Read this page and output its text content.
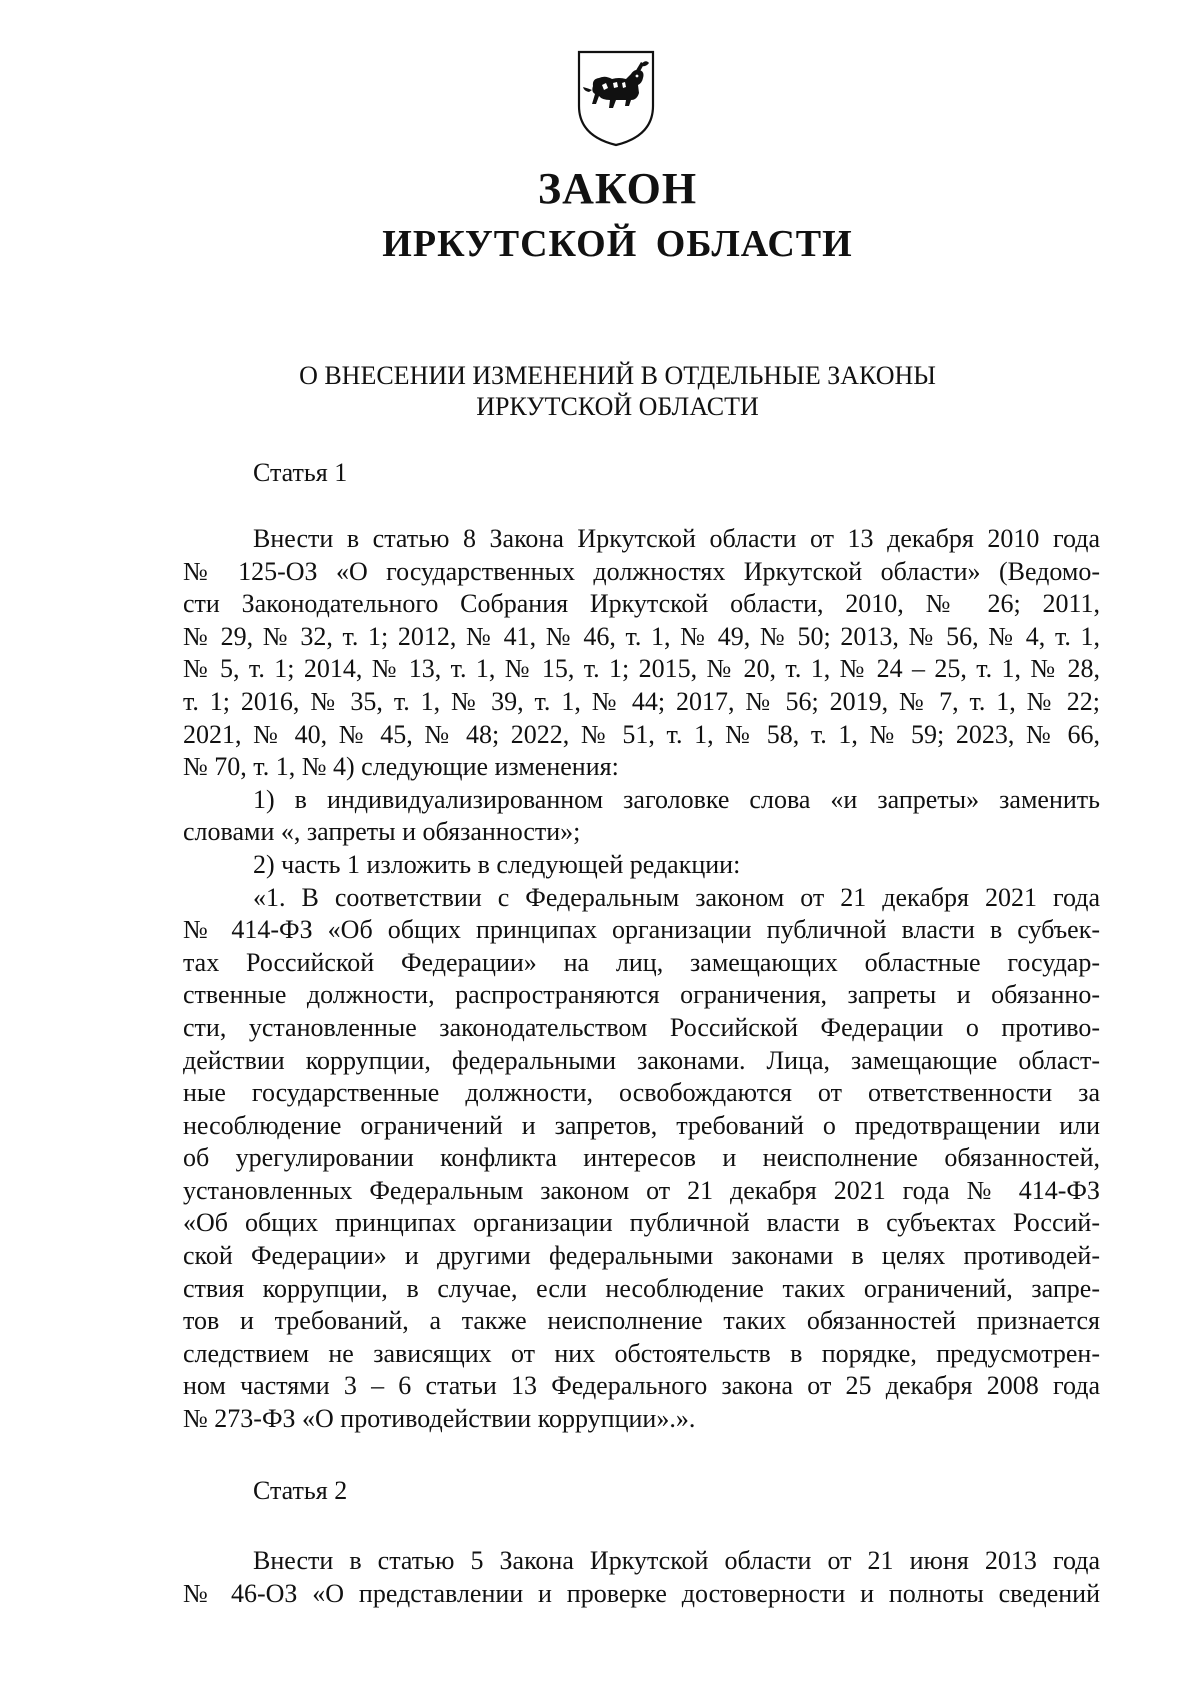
ЗАКОН
ИРКУТСКОЙ ОБЛАСТИ
О ВНЕСЕНИИ ИЗМЕНЕНИЙ В ОТДЕЛЬНЫЕ ЗАКОНЫ
ИРКУТСКОЙ ОБЛАСТИ
Статья 1
Внести в статью 8 Закона Иркутской области от 13 декабря 2010 года
№ 125-ОЗ «О государственных должностях Иркутской области» (Ведомо-
сти Законодательного Собрания Иркутской области, 2010, № 26; 2011,
№ 29, № 32, т. 1; 2012, № 41, № 46, т. 1, № 49, № 50; 2013, № 56, № 4, т. 1,
№ 5, т. 1; 2014, № 13, т. 1, № 15, т. 1; 2015, № 20, т. 1, № 24 – 25, т. 1, № 28,
т. 1; 2016, № 35, т. 1, № 39, т. 1, № 44; 2017, № 56; 2019, № 7, т. 1, № 22;
2021, № 40, № 45, № 48; 2022, № 51, т. 1, № 58, т. 1, № 59; 2023, № 66,
№ 70, т. 1, № 4) следующие изменения:
1) в индивидуализированном заголовке слова «и запреты» заменить
словами «, запреты и обязанности»;
2) часть 1 изложить в следующей редакции:
«1. В соответствии с Федеральным законом от 21 декабря 2021 года
№ 414-ФЗ «Об общих принципах организации публичной власти в субъек-
тах Российской Федерации» на лиц, замещающих областные государ-
ственные должности, распространяются ограничения, запреты и обязанно-
сти, установленные законодательством Российской Федерации о противо-
действии коррупции, федеральными законами. Лица, замещающие област-
ные государственные должности, освобождаются от ответственности за
несоблюдение ограничений и запретов, требований о предотвращении или
об урегулировании конфликта интересов и неисполнение обязанностей,
установленных Федеральным законом от 21 декабря 2021 года № 414-ФЗ
«Об общих принципах организации публичной власти в субъектах Россий-
ской Федерации» и другими федеральными законами в целях противодей-
ствия коррупции, в случае, если несоблюдение таких ограничений, запре-
тов и требований, а также неисполнение таких обязанностей признается
следствием не зависящих от них обстоятельств в порядке, предусмотрен-
ном частями 3 – 6 статьи 13 Федерального закона от 25 декабря 2008 года
№ 273-ФЗ «О противодействии коррупции».».
Статья 2
Внести в статью 5 Закона Иркутской области от 21 июня 2013 года
№ 46-ОЗ «О представлении и проверке достоверности и полноты сведений
